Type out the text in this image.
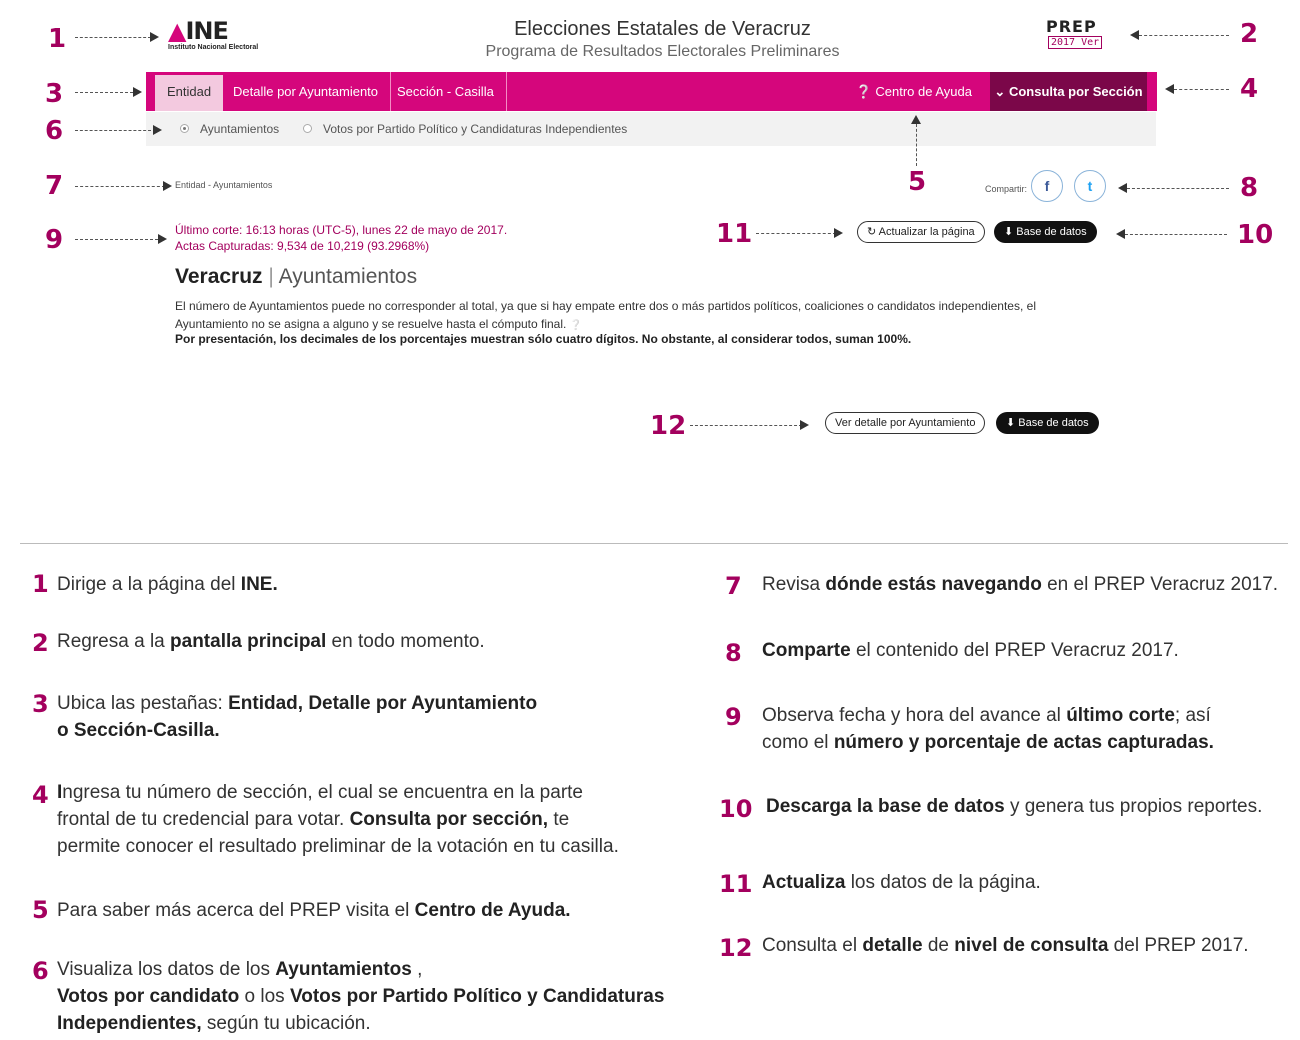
▲INE
Instituto Nacional Electoral
Elecciones Estatales de Veracruz
Programa de Resultados Electorales Preliminares
PREP
2017 Ver
Entidad	Detalle por Ayuntamiento	Sección - Casilla	❔ Centro de Ayuda	⌄ Consulta por Sección
Ayuntamientos	Votos por Partido Político y Candidaturas Independientes
Entidad - Ayuntamientos	Compartir:	f	t
Último corte: 16:13 horas (UTC-5), lunes 22 de mayo de 2017.
Actas Capturadas: 9,534 de 10,219 (93.2968%)
↻ Actualizar la página	⬇ Base de datos
Veracruz | Ayuntamientos
El número de Ayuntamientos puede no corresponder al total, ya que si hay empate entre dos o más partidos políticos, coaliciones o candidatos independientes, el
Ayuntamiento no se asigna a alguno y se resuelve hasta el cómputo final. ❔
Por presentación, los decimales de los porcentajes muestran sólo cuatro dígitos. No obstante, al considerar todos, suman 100%.
Ver detalle por Ayuntamiento	⬇ Base de datos
1	2
3	4
5
6
7	8
9	10
11
12
1 Dirige a la página del INE.
2 Regresa a la pantalla principal en todo momento.
3 Ubica las pestañas: Entidad, Detalle por Ayuntamiento
o Sección-Casilla.
4 Ingresa tu número de sección, el cual se encuentra en la parte
frontal de tu credencial para votar. Consulta por sección, te
permite conocer el resultado preliminar de la votación en tu casilla.
5 Para saber más acerca del PREP visita el Centro de Ayuda.
6 Visualiza los datos de los Ayuntamientos ,
Votos por candidato o los Votos por Partido Político y Candidaturas
Independientes, según tu ubicación.
7 Revisa dónde estás navegando en el PREP Veracruz 2017.
8 Comparte el contenido del PREP Veracruz 2017.
9 Observa fecha y hora del avance al último corte; así
como el número y porcentaje de actas capturadas.
10 Descarga la base de datos y genera tus propios reportes.
11 Actualiza los datos de la página.
12 Consulta el detalle de nivel de consulta del PREP 2017.
